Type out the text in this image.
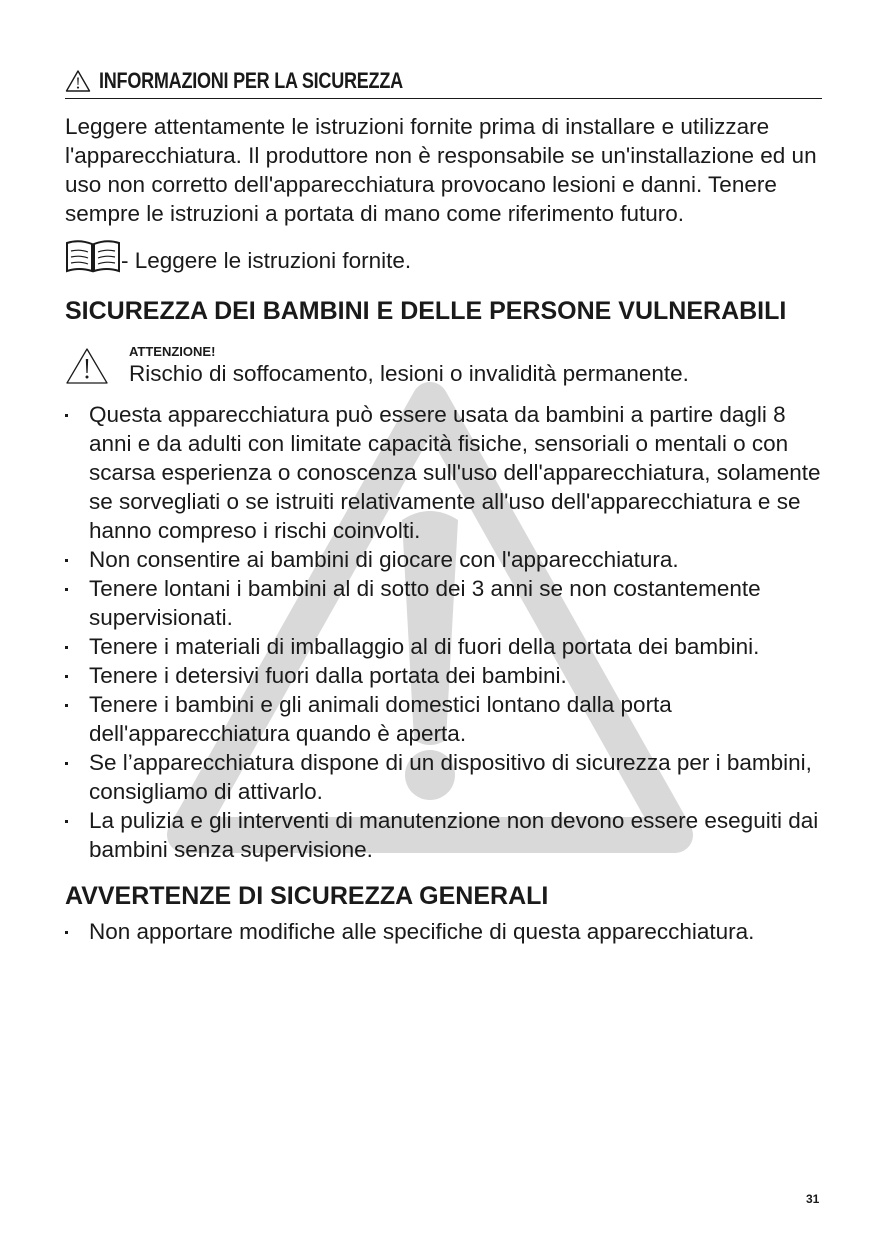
INFORMAZIONI PER LA SICUREZZA

Leggere attentamente le istruzioni fornite prima di installare e utilizzare l'apparecchiatura. Il produttore non è responsabile se un'installazione ed un uso non corretto dell'apparecchiatura provocano lesioni e danni. Tenere sempre le istruzioni a portata di mano come riferimento futuro.

- Leggere le istruzioni fornite.
SICUREZZA DEI BAMBINI E DELLE PERSONE VULNERABILI
ATTENZIONE!
Rischio di soffocamento, lesioni o invalidità permanente.
Questa apparecchiatura può essere usata da bambini a partire dagli 8 anni e da adulti con limitate capacità fisiche, sensoriali o mentali o con scarsa esperienza o conoscenza sull'uso dell'apparecchiatura, solamente se sorvegliati o se istruiti relativamente all'uso dell'apparecchiatura e se hanno compreso i rischi coinvolti.
Non consentire ai bambini di giocare con l'apparecchiatura.
Tenere lontani i bambini al di sotto dei 3 anni se non costantemente supervisionati.
Tenere i materiali di imballaggio al di fuori della portata dei bambini.
Tenere i detersivi fuori dalla portata dei bambini.
Tenere i bambini e gli animali domestici lontano dalla porta dell'apparecchiatura quando è aperta.
Se l’apparecchiatura dispone di un dispositivo di sicurezza per i bambini, consigliamo di attivarlo.
La pulizia e gli interventi di manutenzione non devono essere eseguiti dai bambini senza supervisione.
AVVERTENZE DI SICUREZZA GENERALI
Non apportare modifiche alle specifiche di questa apparecchiatura.
31
